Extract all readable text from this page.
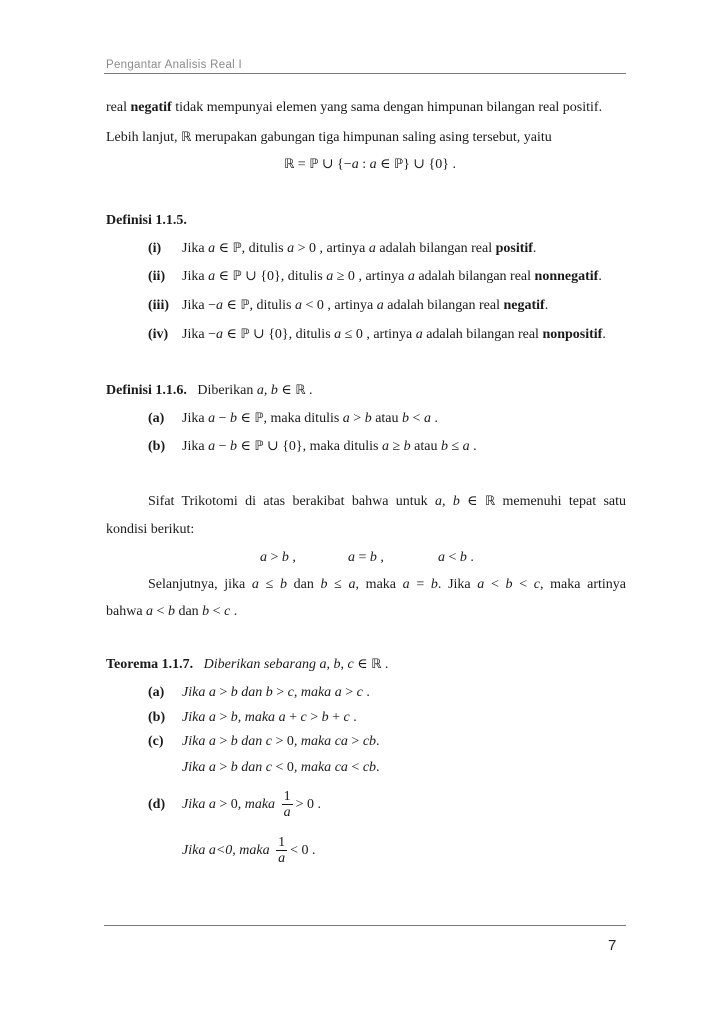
Pengantar Analisis Real I
real negatif tidak mempunyai elemen yang sama dengan himpunan bilangan real positif.
Lebih lanjut, ℝ merupakan gabungan tiga himpunan saling asing tersebut, yaitu
ℝ = ℙ ∪ {−a : a ∈ ℙ} ∪ {0} .
Definisi 1.1.5.
(i) Jika a ∈ ℙ, ditulis a > 0 , artinya a adalah bilangan real positif.
(ii) Jika a ∈ ℙ ∪ {0}, ditulis a ≥ 0 , artinya a adalah bilangan real nonnegatif.
(iii) Jika −a ∈ ℙ, ditulis a < 0 , artinya a adalah bilangan real negatif.
(iv) Jika −a ∈ ℙ ∪ {0}, ditulis a ≤ 0 , artinya a adalah bilangan real nonpositif.
Definisi 1.1.6. Diberikan a, b ∈ ℝ .
(a) Jika a − b ∈ ℙ, maka ditulis a > b atau b < a .
(b) Jika a − b ∈ ℙ ∪ {0}, maka ditulis a ≥ b atau b ≤ a .
Sifat Trikotomi di atas berakibat bahwa untuk a, b ∈ ℝ memenuhi tepat satu
kondisi berikut:
a > b ,	a = b ,	a < b .
Selanjutnya, jika a ≤ b dan b ≤ a, maka a = b. Jika a < b < c, maka artinya
bahwa a < b dan b < c .
Teorema 1.1.7. Diberikan sebarang a, b, c ∈ ℝ .
(a) Jika a > b dan b > c, maka a > c .
(b) Jika a > b, maka a + c > b + c .
(c) Jika a > b dan c > 0, maka ca > cb.
Jika a > b dan c < 0, maka ca < cb.
(d) Jika a > 0, maka $\frac{1}{a} > 0$ .
Jika a<0, maka $\frac{1}{a} < 0$ .
7
